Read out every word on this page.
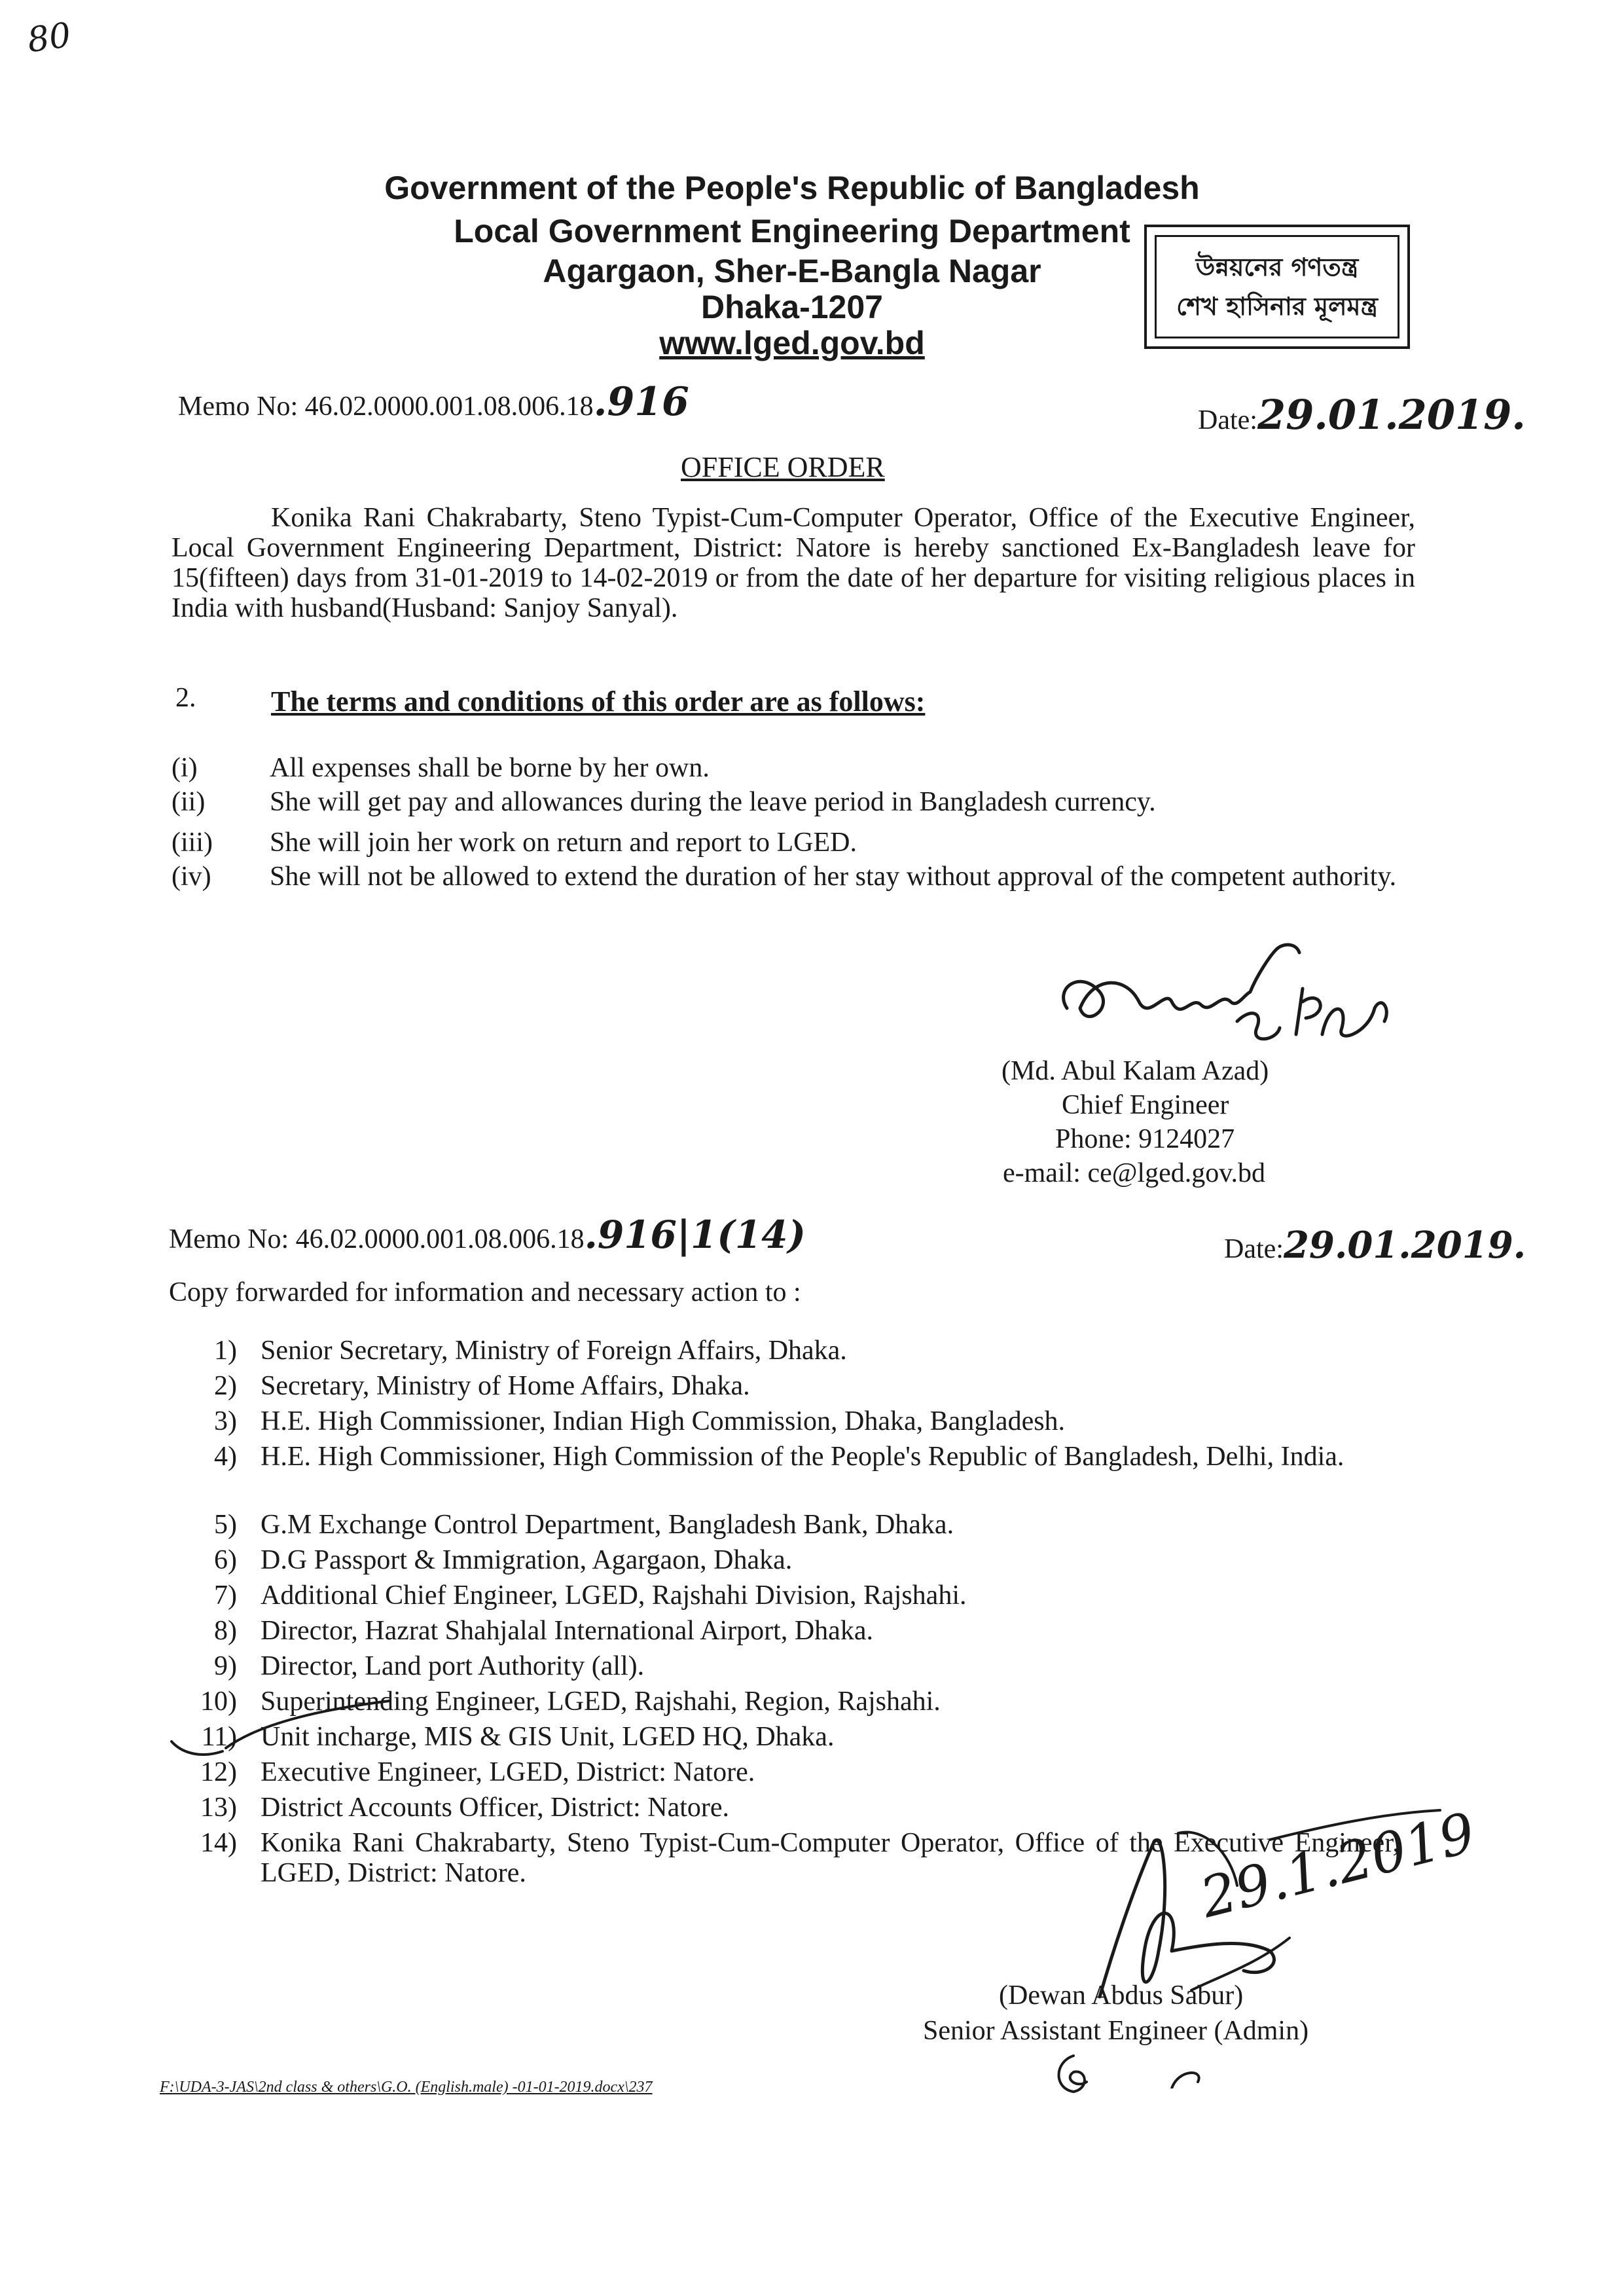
80
Government of the People's Republic of Bangladesh
Local Government Engineering Department
Agargaon, Sher-E-Bangla Nagar
Dhaka-1207
www.lged.gov.bd
উন্নয়নের গণতন্ত্র
শেখ হাসিনার মূলমন্ত্র
Memo No: 46.02.0000.001.08.006.18.916	Date:29.01.2019.
OFFICE ORDER
Konika Rani Chakrabarty, Steno Typist-Cum-Computer Operator, Office of the Executive Engineer, Local Government Engineering Department, District: Natore is hereby sanctioned Ex-Bangladesh leave for 15(fifteen) days from 31-01-2019 to 14-02-2019 or from the date of her departure for visiting religious places in India with husband(Husband: Sanjoy Sanyal).
2.	The terms and conditions of this order are as follows:
(i)	All expenses shall be borne by her own.
(ii) She will get pay and allowances during the leave period in Bangladesh currency.
(iii) She will join her work on return and report to LGED.
(iv) She will not be allowed to extend the duration of her stay without approval of the competent authority.
(Md. Abul Kalam Azad)
Chief Engineer
Phone: 9124027
e-mail: ce@lged.gov.bd
Memo No: 46.02.0000.001.08.006.18.916|1(14)	Date:29.01.2019.
Copy forwarded for information and necessary action to :
1) Senior Secretary, Ministry of Foreign Affairs, Dhaka.
2) Secretary, Ministry of Home Affairs, Dhaka.
3) H.E. High Commissioner, Indian High Commission, Dhaka, Bangladesh.
4) H.E. High Commissioner, High Commission of the People's Republic of Bangladesh, Delhi, India.
5) G.M Exchange Control Department, Bangladesh Bank, Dhaka.
6) D.G Passport & Immigration, Agargaon, Dhaka.
7) Additional Chief Engineer, LGED, Rajshahi Division, Rajshahi.
8) Director, Hazrat Shahjalal International Airport, Dhaka.
9) Director, Land port Authority (all).
10) Superintending Engineer, LGED, Rajshahi, Region, Rajshahi.
11) Unit incharge, MIS & GIS Unit, LGED HQ, Dhaka.
12) Executive Engineer, LGED, District: Natore.
13) District Accounts Officer, District: Natore.
14) Konika Rani Chakrabarty, Steno Typist-Cum-Computer Operator, Office of the Executive Engineer, LGED, District: Natore.	29.1.2019
(Dewan Abdus Sabur)
Senior Assistant Engineer (Admin)
F:\UDA-3-JAS\2nd class & others\G.O. (English.male) -01-01-2019.docx\237
